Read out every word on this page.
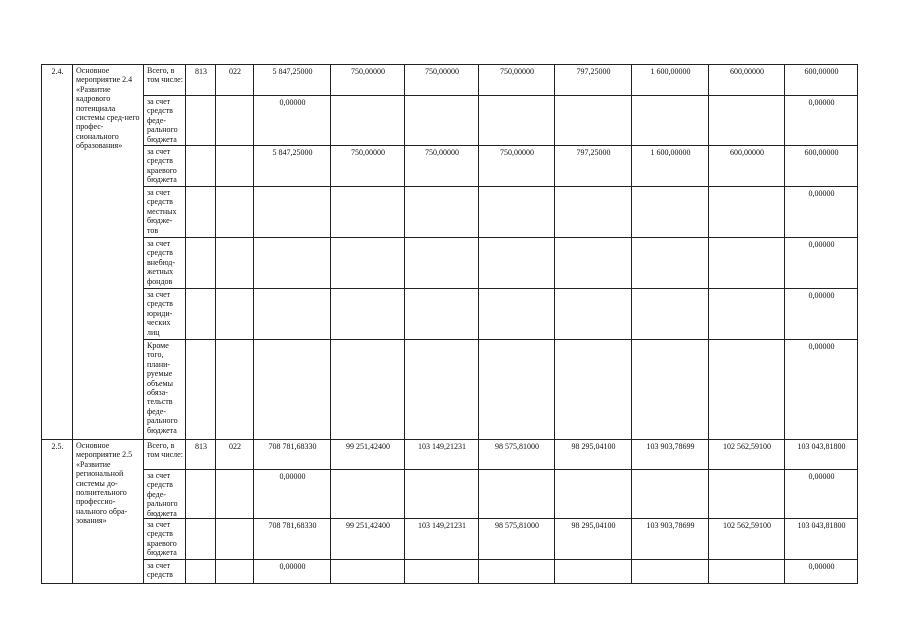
2.4.	Основное мероприятие 2.4 «Развитие кадрового потенциала системы сред-него профес-сионального образования»	Всего, в том числе:	813	022	5 847,25000	750,00000	750,00000	750,00000	797,25000	1 600,00000	600,00000	600,00000
		за счет средств феде-рального бюджета			0,00000							0,00000
		за счет средств краевого бюджета			5 847,25000	750,00000	750,00000	750,00000	797,25000	1 600,00000	600,00000	600,00000
		за счет средств местных бюдже-тов										0,00000
		за счет средств внебюд-жетных фондов										0,00000
		за счет средств юриди-ческих лиц										0,00000
		Кроме того, плани-руемые объемы обяза-тельств феде-рального бюджета										0,00000
2.5.	Основное мероприятие 2.5 «Развитие региональной системы до-полнительного профессио-нального обра-зования»	Всего, в том числе:	813	022	708 781,68330	99 251,42400	103 149,21231	98 575,81000	98 295,04100	103 903,78699	102 562,59100	103 043,81800
		за счет средств феде-рального бюджета			0,00000							0,00000
		за счет средств краевого бюджета			708 781,68330	99 251,42400	103 149,21231	98 575,81000	98 295,04100	103 903,78699	102 562,59100	103 043,81800
		за счет средств			0,00000							0,00000
